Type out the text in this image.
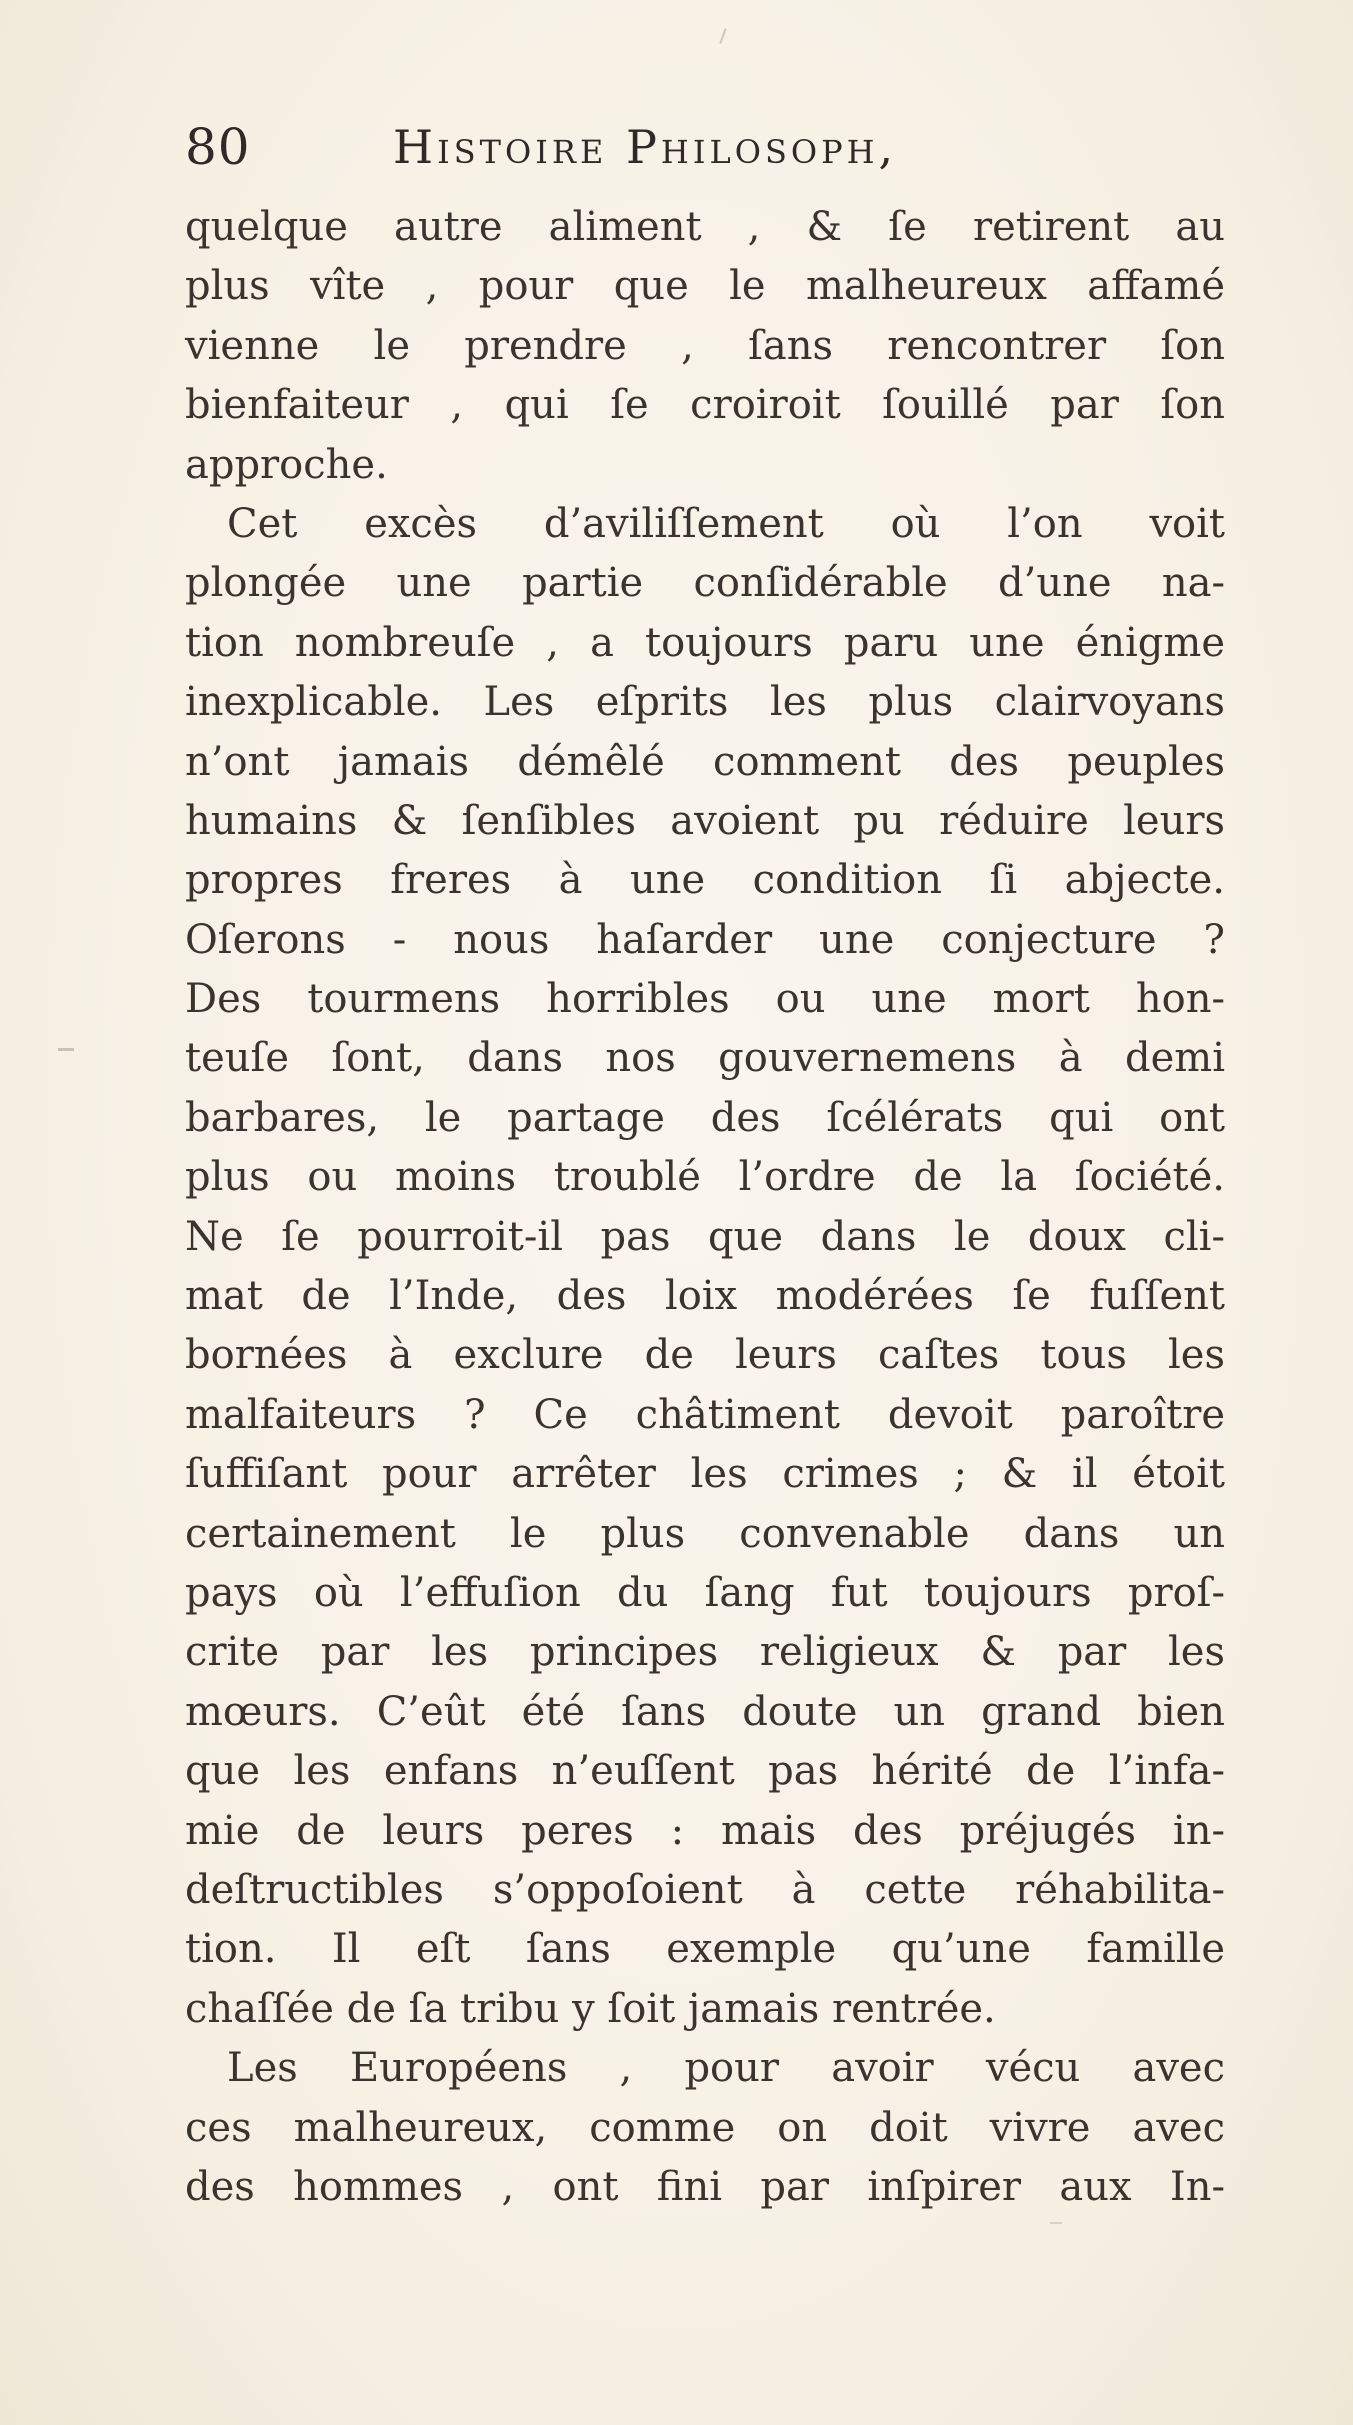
80	Histoire Philosoph,
quelque autre aliment , & ſe retirent au
plus vîte , pour que le malheureux affamé
vienne le prendre , ſans rencontrer ſon
bienfaiteur , qui ſe croiroit ſouillé par ſon
approche.
Cet excès d’aviliſſement où l’on voit
plongée une partie conſidérable d’une na-
tion nombreuſe , a toujours paru une énigme
inexplicable. Les eſprits les plus clairvoyans
n’ont jamais démêlé comment des peuples
humains & ſenſibles avoient pu réduire leurs
propres freres à une condition ſi abjecte.
Oſerons - nous haſarder une conjecture ?
Des tourmens horribles ou une mort hon-
teuſe ſont, dans nos gouvernemens à demi
barbares, le partage des ſcélérats qui ont
plus ou moins troublé l’ordre de la ſociété.
Ne ſe pourroit-il pas que dans le doux cli-
mat de l’Inde, des loix modérées ſe fuſſent
bornées à exclure de leurs caſtes tous les
malfaiteurs ? Ce châtiment devoit paroître
ſuffiſant pour arrêter les crimes ; & il étoit
certainement le plus convenable dans un
pays où l’effuſion du ſang fut toujours proſ-
crite par les principes religieux & par les
mœurs. C’eût été ſans doute un grand bien
que les enfans n’euſſent pas hérité de l’infa-
mie de leurs peres : mais des préjugés in-
deſtructibles s’oppoſoient à cette réhabilita-
tion. Il eſt ſans exemple qu’une famille
chaſſée de ſa tribu y ſoit jamais rentrée.
Les Européens , pour avoir vécu avec
ces malheureux, comme on doit vivre avec
des hommes , ont fini par inſpirer aux In-
